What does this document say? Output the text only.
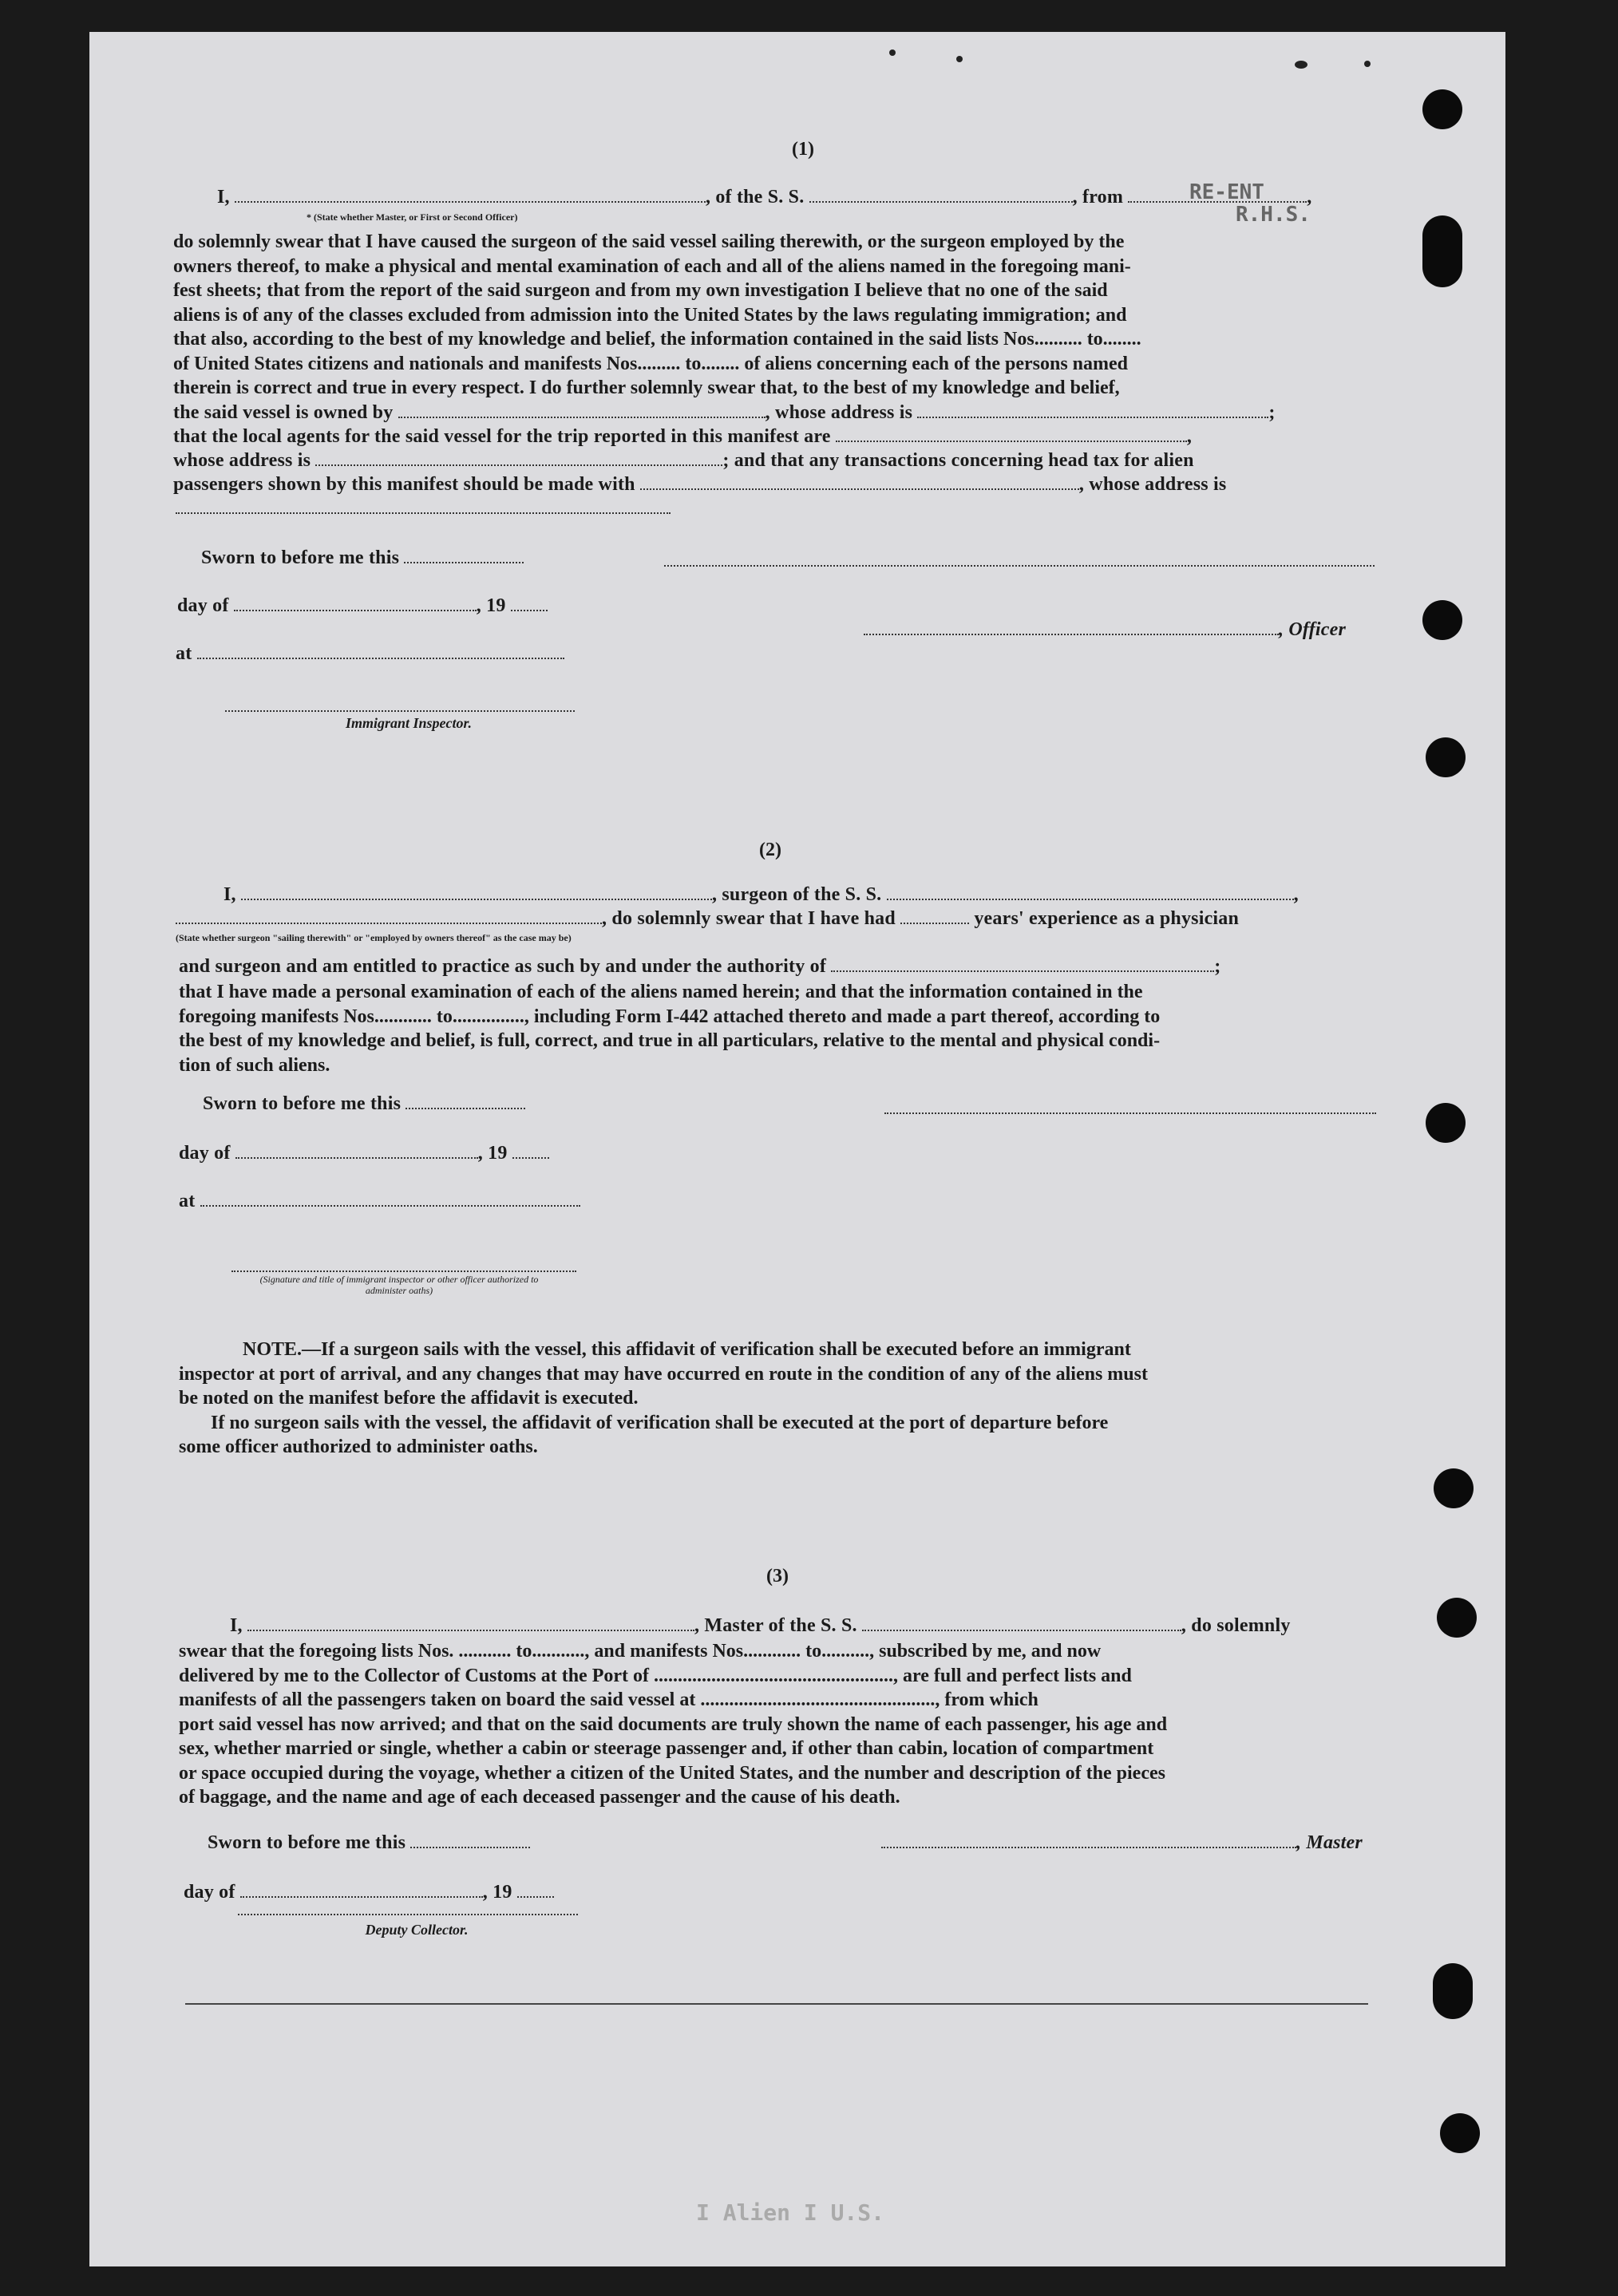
(1)
I,	, of the S. S.	, from	,
RE-ENT
R.H.S.
* (State whether Master, or First or Second Officer)
do solemnly swear that I have caused the surgeon of the said vessel sailing therewith, or the surgeon employed by the
owners thereof, to make a physical and mental examination of each and all of the aliens named in the foregoing mani-
fest sheets; that from the report of the said surgeon and from my own investigation I believe that no one of the said
aliens is of any of the classes excluded from admission into the United States by the laws regulating immigration; and
that also, according to the best of my knowledge and belief, the information contained in the said lists Nos.......... to........
of United States citizens and nationals and manifests Nos......... to........ of aliens concerning each of the persons named
therein is correct and true in every respect. I do further solemnly swear that, to the best of my knowledge and belief,
the said vessel is owned by	, whose address is	;
that the local agents for the said vessel for the trip reported in this manifest are	,
whose address is	; and that any transactions concerning head tax for alien
passengers shown by this manifest should be made with	, whose address is
Sworn to before me this
day of	, 19
, Officer
at
Immigrant Inspector.
(2)
I,	, surgeon of the S. S.	,
, do solemnly swear that I have had	years' experience as a physician
(State whether surgeon "sailing therewith" or "employed by owners thereof" as the case may be)
and surgeon and am entitled to practice as such by and under the authority of	;
that I have made a personal examination of each of the aliens named herein; and that the information contained in the
foregoing manifests Nos............ to..............., including Form I-442 attached thereto and made a part thereof, according to
the best of my knowledge and belief, is full, correct, and true in all particulars, relative to the mental and physical condi-
tion of such aliens.
Sworn to before me this
day of	, 19
at
(Signature and title of immigrant inspector or other officer authorized to administer oaths)
NOTE.—If a surgeon sails with the vessel, this affidavit of verification shall be executed before an immigrant
inspector at port of arrival, and any changes that may have occurred en route in the condition of any of the aliens must
be noted on the manifest before the affidavit is executed.
If no surgeon sails with the vessel, the affidavit of verification shall be executed at the port of departure before
some officer authorized to administer oaths.
(3)
I,	, Master of the S. S.	, do solemnly
swear that the foregoing lists Nos. ........... to..........., and manifests Nos............ to.........., subscribed by me, and now
delivered by me to the Collector of Customs at the Port of .................................................., are full and perfect lists and
manifests of all the passengers taken on board the said vessel at ................................................., from which
port said vessel has now arrived; and that on the said documents are truly shown the name of each passenger, his age and
sex, whether married or single, whether a cabin or steerage passenger and, if other than cabin, location of compartment
or space occupied during the voyage, whether a citizen of the United States, and the number and description of the pieces
of baggage, and the name and age of each deceased passenger and the cause of his death.
Sworn to before me this	, Master
day of	, 19
Deputy Collector.
I Alien I U.S.
